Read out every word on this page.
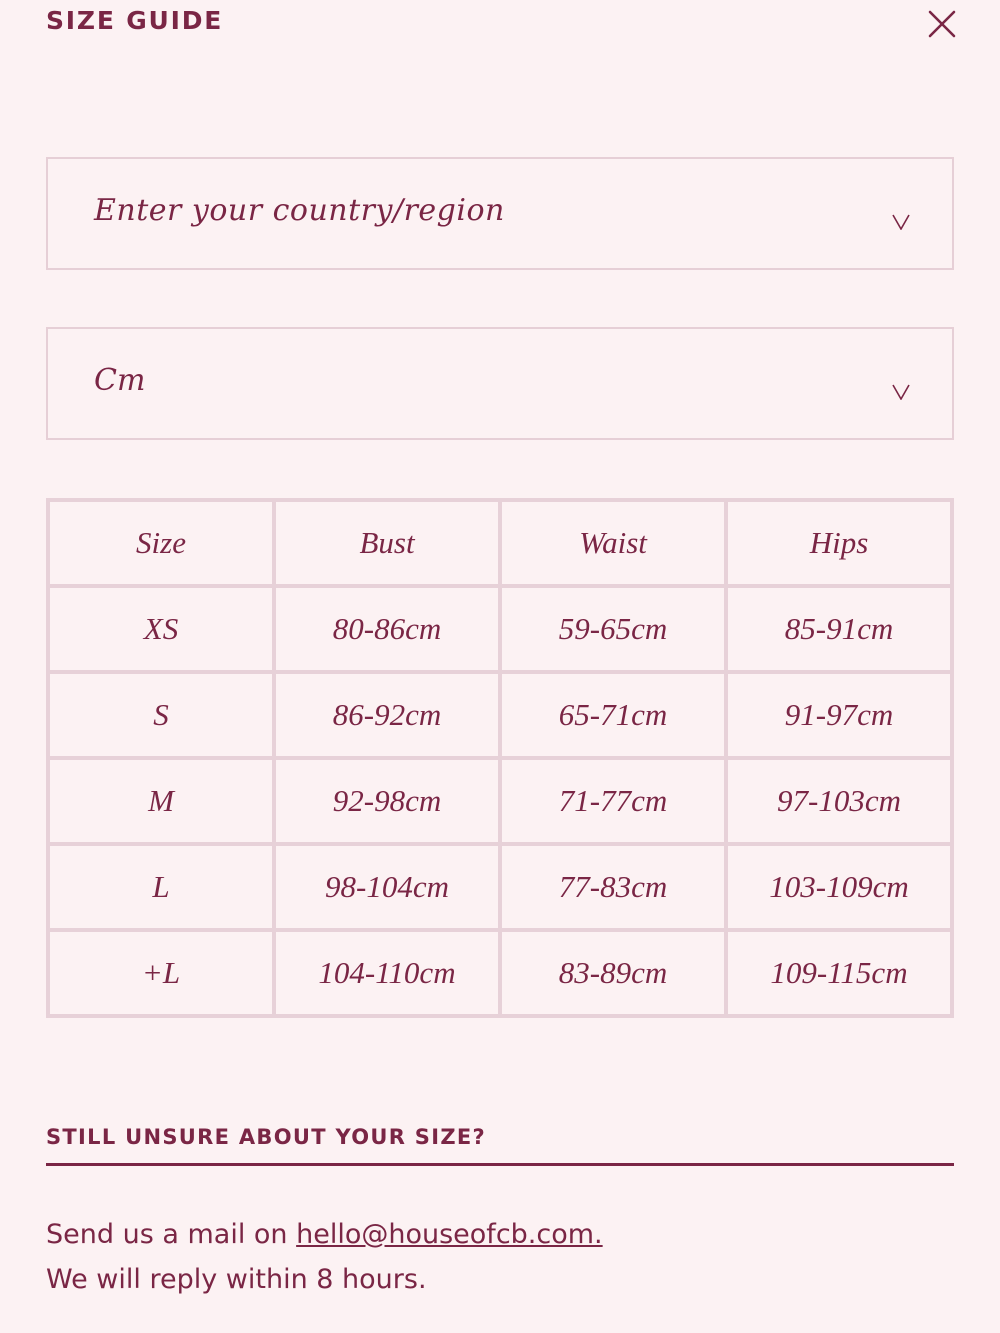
SIZE GUIDE
Enter your country/region
Cm
Size	Bust	Waist	Hips
XS	80-86cm	59-65cm	85-91cm
S	86-92cm	65-71cm	91-97cm
M	92-98cm	71-77cm	97-103cm
L	98-104cm	77-83cm	103-109cm
+L	104-110cm	83-89cm	109-115cm
STILL UNSURE ABOUT YOUR SIZE?
Send us a mail on hello@houseofcb.com.
We will reply within 8 hours.
